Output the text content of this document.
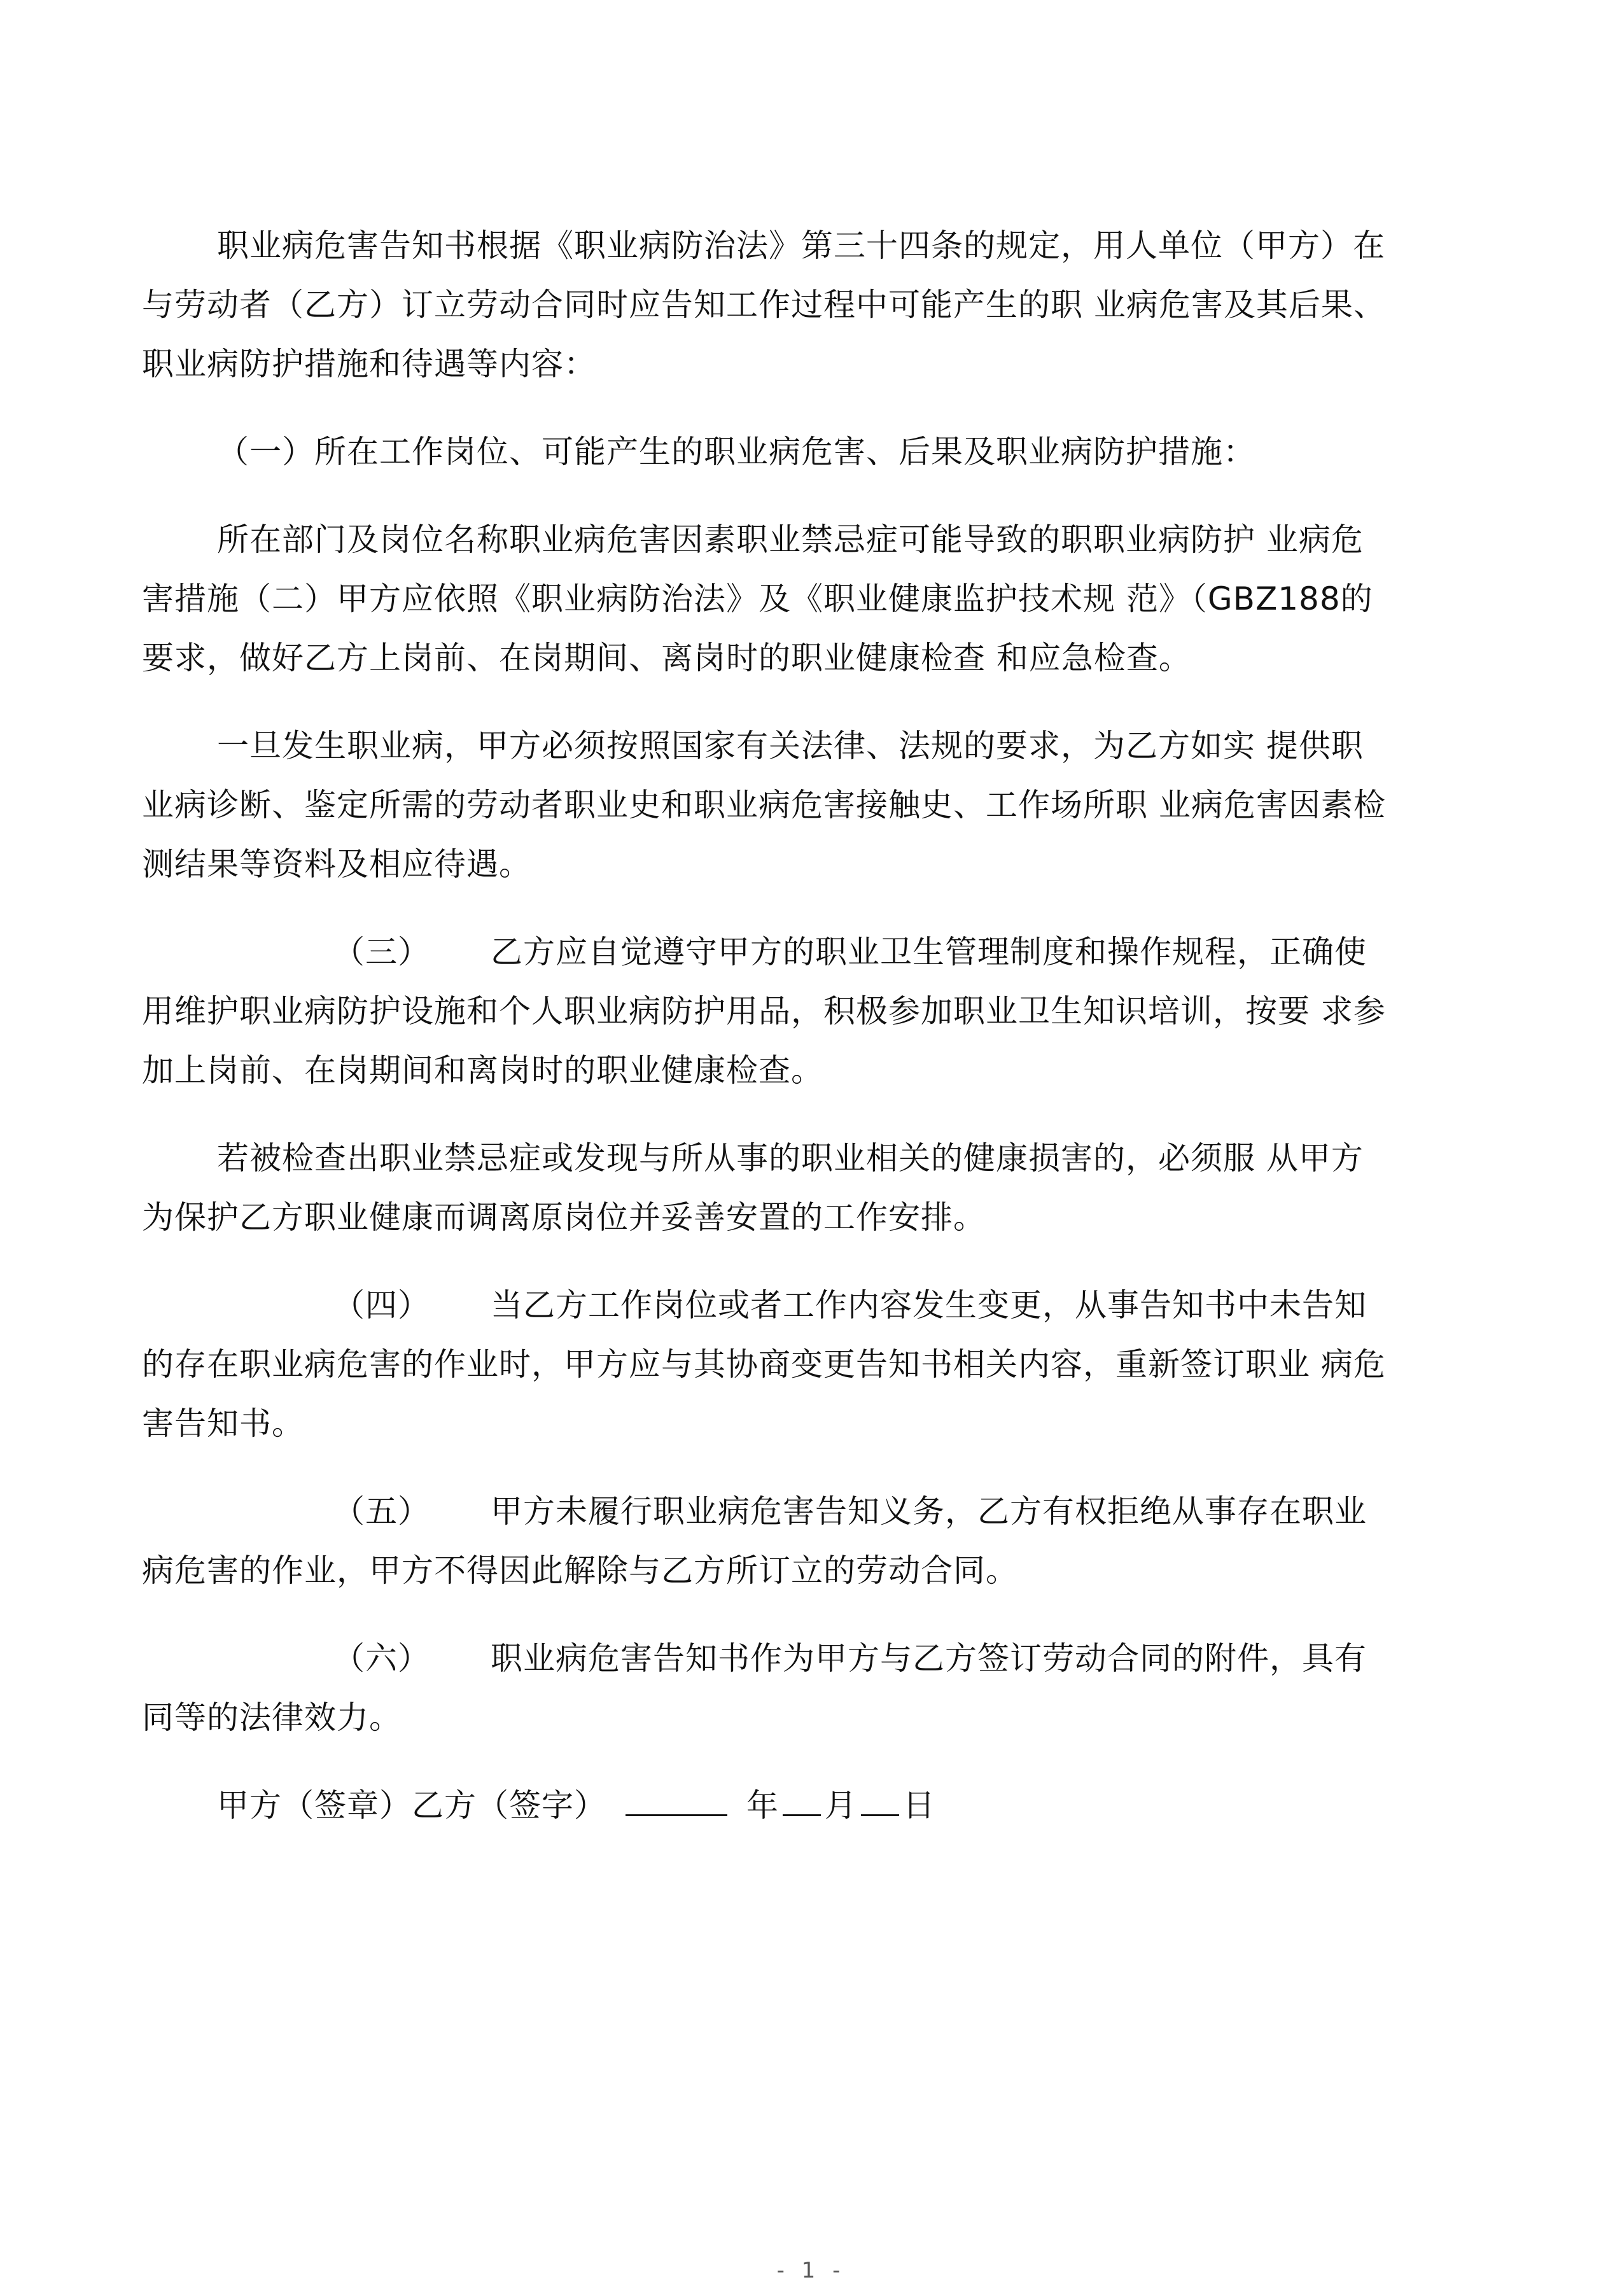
职业病危害告知书根据《职业病防治法》第三十四条的规定，用人单位（甲方）在与劳动者（乙方）订立劳动合同时应告知工作过程中可能产生的职 业病危害及其后果、职业病防护措施和待遇等内容：

（一）所在工作岗位、可能产生的职业病危害、后果及职业病防护措施：

所在部门及岗位名称职业病危害因素职业禁忌症可能导致的职职业病防护 业病危害措施（二）甲方应依照《职业病防治法》及《职业健康监护技术规 范》（GBZ188的要求，做好乙方上岗前、在岗期间、离岗时的职业健康检查 和应急检查。

一旦发生职业病，甲方必须按照国家有关法律、法规的要求，为乙方如实 提供职业病诊断、鉴定所需的劳动者职业史和职业病危害接触史、工作场所职 业病危害因素检测结果等资料及相应待遇。

（三） 乙方应自觉遵守甲方的职业卫生管理制度和操作规程，正确使用维护职业病防护设施和个人职业病防护用品，积极参加职业卫生知识培训，按要 求参加上岗前、在岗期间和离岗时的职业健康检查。

若被检查出职业禁忌症或发现与所从事的职业相关的健康损害的，必须服 从甲方为保护乙方职业健康而调离原岗位并妥善安置的工作安排。

（四） 当乙方工作岗位或者工作内容发生变更，从事告知书中未告知的存在职业病危害的作业时，甲方应与其协商变更告知书相关内容，重新签订职业 病危害告知书。

（五） 甲方未履行职业病危害告知义务，乙方有权拒绝从事存在职业病危害的作业，甲方不得因此解除与乙方所订立的劳动合同。

（六） 职业病危害告知书作为甲方与乙方签订劳动合同的附件，具有同等的法律效力。

甲方（签章）乙方（签字）	年 月 日

- 1 -
